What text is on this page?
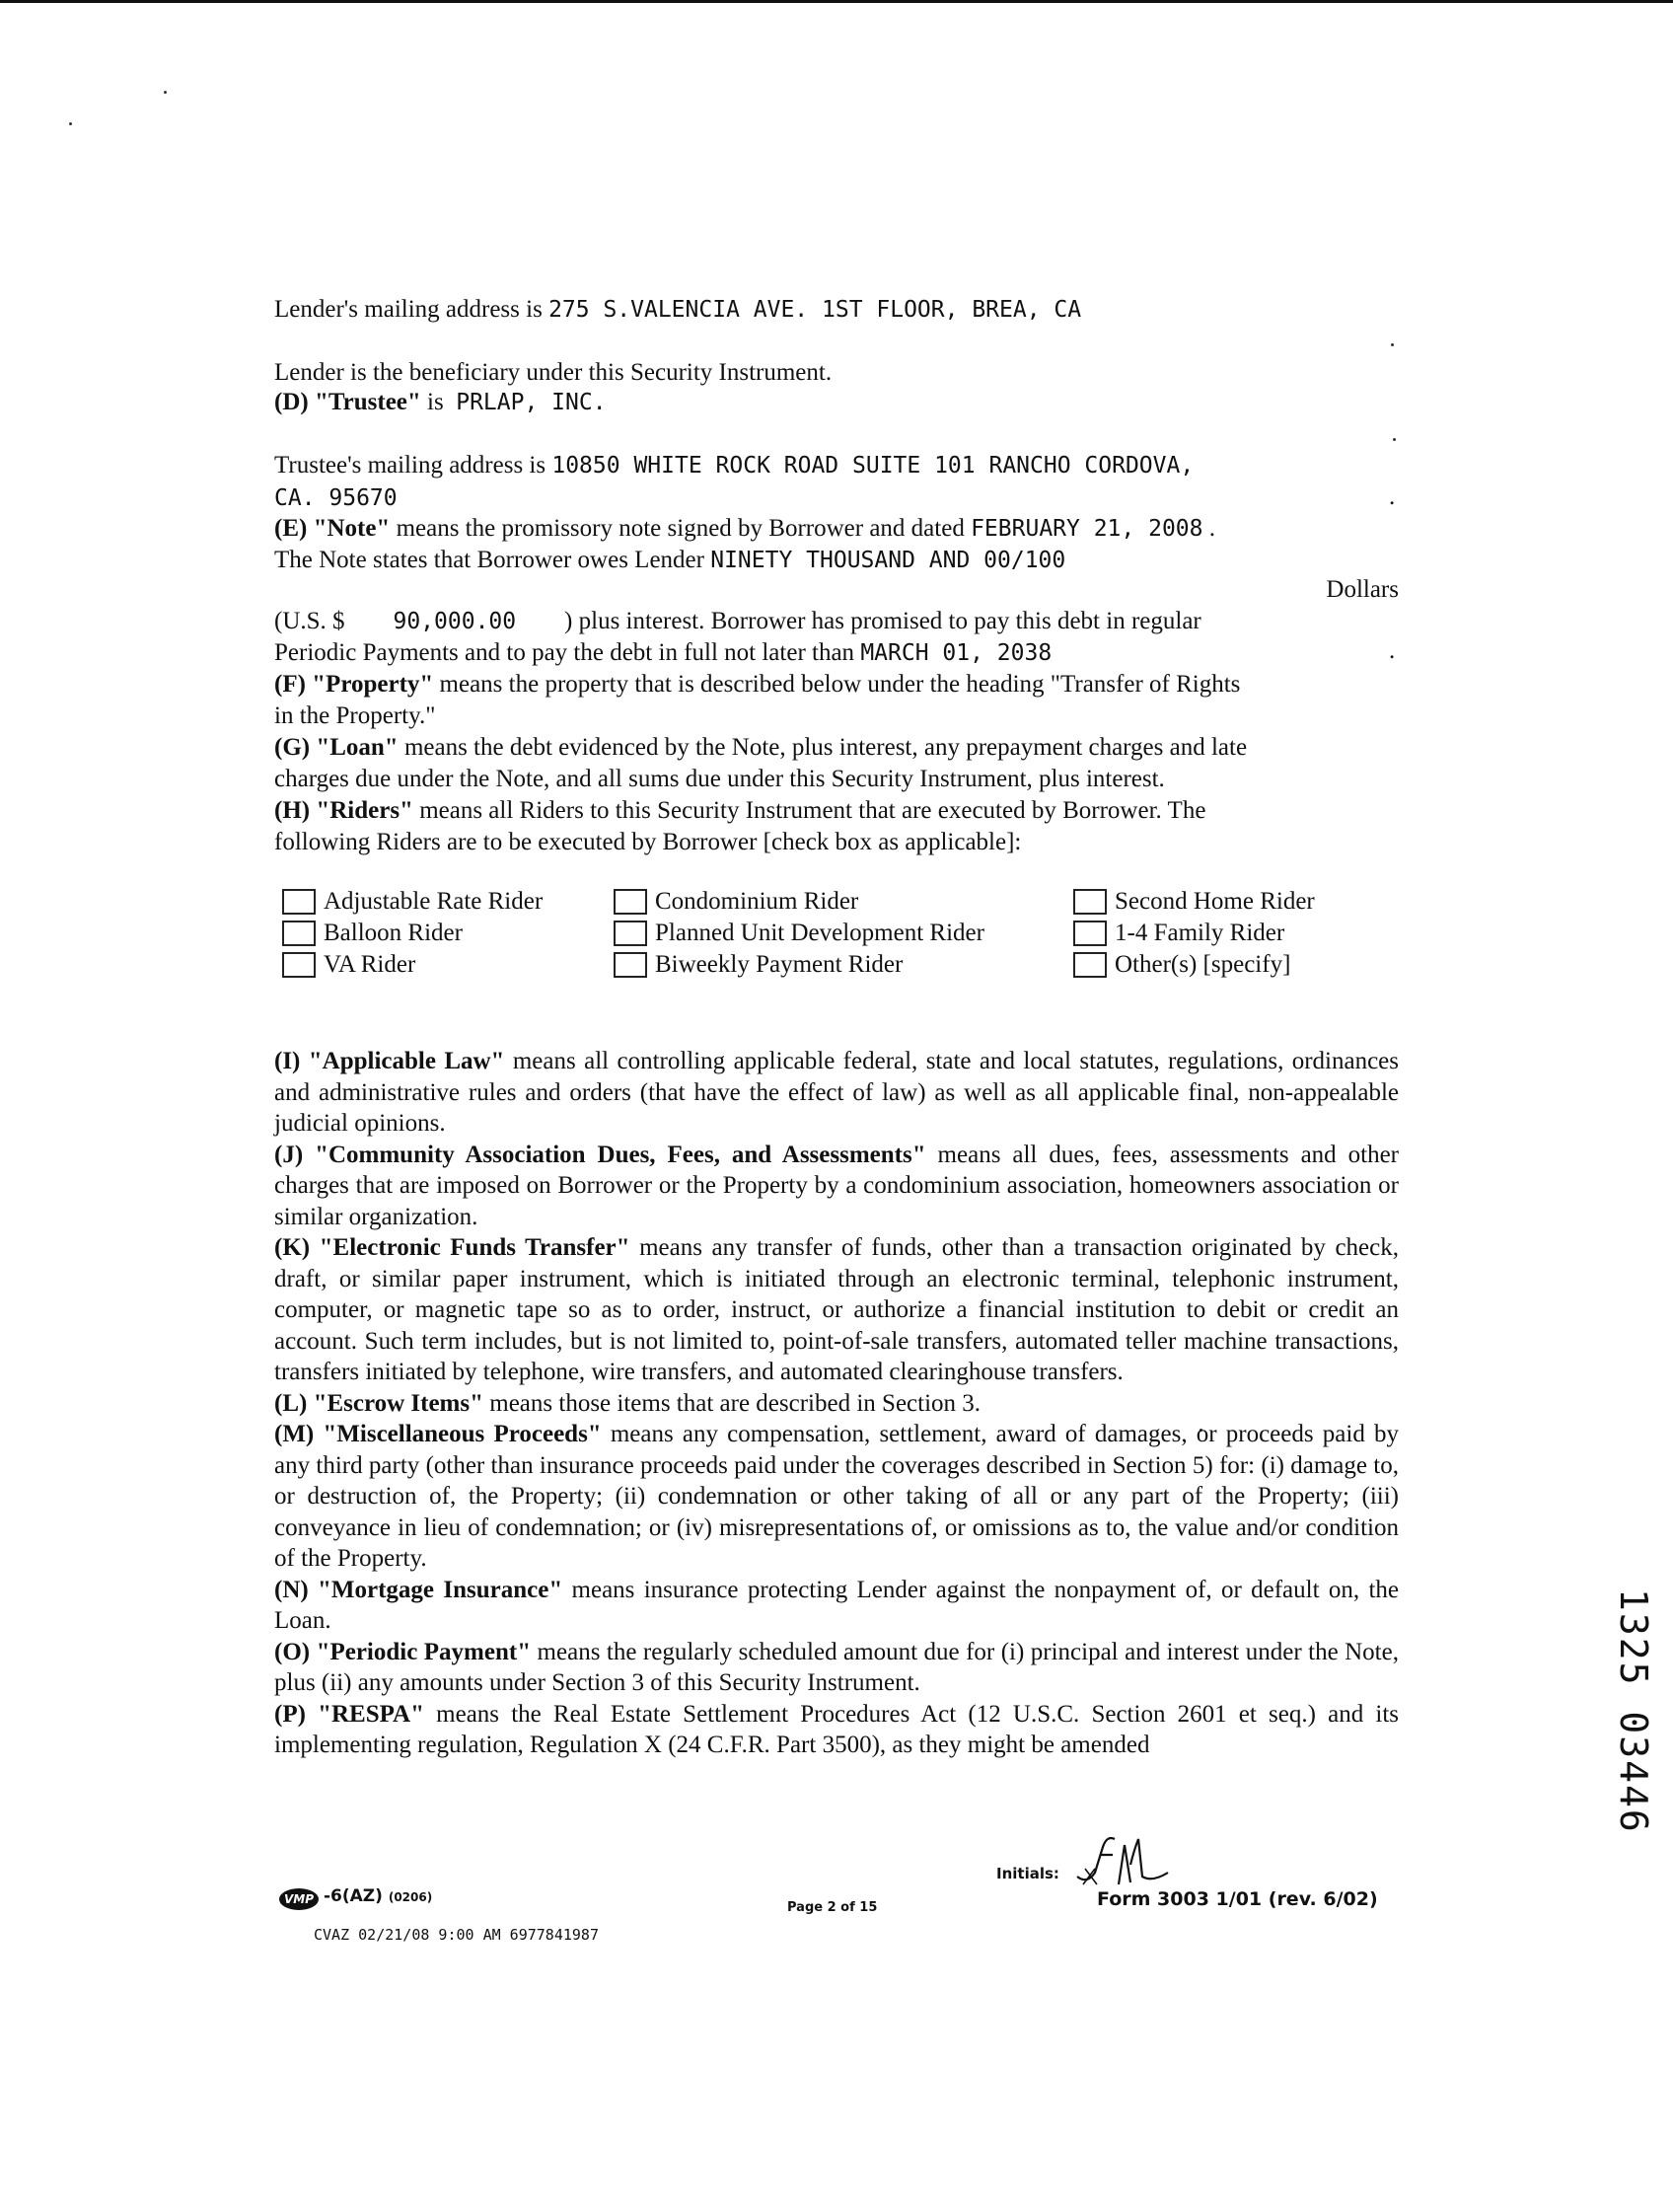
Lender's mailing address is 275 S.VALENCIA AVE. 1ST FLOOR, BREA, CA
Lender is the beneficiary under this Security Instrument.
(D) "Trustee" is PRLAP, INC.
Trustee's mailing address is 10850 WHITE ROCK ROAD SUITE 101 RANCHO CORDOVA,
CA. 95670	.
(E) "Note" means the promissory note signed by Borrower and dated FEBRUARY 21, 2008 .
The Note states that Borrower owes Lender NINETY THOUSAND AND 00/100
Dollars
(U.S. $ 90,000.00 ) plus interest. Borrower has promised to pay this debt in regular
Periodic Payments and to pay the debt in full not later than MARCH 01, 2038	.
(F) "Property" means the property that is described below under the heading "Transfer of Rights
in the Property."
(G) "Loan" means the debt evidenced by the Note, plus interest, any prepayment charges and late
charges due under the Note, and all sums due under this Security Instrument, plus interest.
(H) "Riders" means all Riders to this Security Instrument that are executed by Borrower. The
following Riders are to be executed by Borrower [check box as applicable]:
Adjustable Rate Rider
Balloon Rider
VA Rider
Condominium Rider
Planned Unit Development Rider
Biweekly Payment Rider
Second Home Rider
1-4 Family Rider
Other(s) [specify]
(I) "Applicable Law" means all controlling applicable federal, state and local statutes, regulations, ordinances and administrative rules and orders (that have the effect of law) as well as all applicable final, non-appealable judicial opinions.
(J) "Community Association Dues, Fees, and Assessments" means all dues, fees, assessments and other charges that are imposed on Borrower or the Property by a condominium association, homeowners association or similar organization.
(K) "Electronic Funds Transfer" means any transfer of funds, other than a transaction originated by check, draft, or similar paper instrument, which is initiated through an electronic terminal, telephonic instrument, computer, or magnetic tape so as to order, instruct, or authorize a financial institution to debit or credit an account. Such term includes, but is not limited to, point-of-sale transfers, automated teller machine transactions, transfers initiated by telephone, wire transfers, and automated clearinghouse transfers.
(L) "Escrow Items" means those items that are described in Section 3.
(M) "Miscellaneous Proceeds" means any compensation, settlement, award of damages, or proceeds paid by any third party (other than insurance proceeds paid under the coverages described in Section 5) for: (i) damage to, or destruction of, the Property; (ii) condemnation or other taking of all or any part of the Property; (iii) conveyance in lieu of condemnation; or (iv) misrepresentations of, or omissions as to, the value and/or condition of the Property.
(N) "Mortgage Insurance" means insurance protecting Lender against the nonpayment of, or default on, the Loan.
(O) "Periodic Payment" means the regularly scheduled amount due for (i) principal and interest under the Note, plus (ii) any amounts under Section 3 of this Security Instrument.
(P) "RESPA" means the Real Estate Settlement Procedures Act (12 U.S.C. Section 2601 et seq.) and its implementing regulation, Regulation X (24 C.F.R. Part 3500), as they might be amended
VMP -6(AZ) (0206)
Page 2 of 15
Initials:
Form 3003 1/01 (rev. 6/02)
CVAZ 02/21/08 9:00 AM 6977841987
1325 03446
